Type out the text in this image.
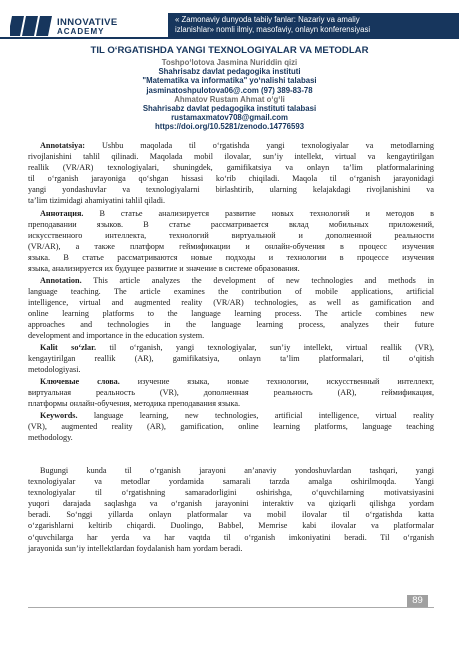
INNOVATIVE
ACADEMY
« Zamonaviy dunyoda tabiiy fanlar: Nazariy va amaliy
izlanishlar» nomli ilmiy, masofaviy, onlayn konferensiyasi
TIL O‘RGATISHDA YANGI TEXNOLOGIYALAR VA METODLAR
Toshpo‘lotova Jasmina Nuriddin qizi
Shahrisabz davlat pedagogika instituti
"Matematika va informatika" yo‘nalishi talabasi
jasminatoshpulotova06@.com (97) 389-83-78
Ahmatov Rustam Ahmat o‘g‘li
Shahrisabz davlat pedagogika instituti talabasi
rustamaxmatov708@gmail.com
https://doi.org/10.5281/zenodo.14776593
Annotatsiya: Ushbu maqolada til o‘rgatishda yangi texnologiyalar va metodlarning
rivojlanishini tahlil qilinadi. Maqolada mobil ilovalar, sun’iy intellekt, virtual va kengaytirilgan
reallik (VR/AR) texnologiyalari, shuningdek, gamifikatsiya va onlayn ta’lim platformalarining
til o‘rganish jarayoniga qo‘shgan hissasi ko‘rib chiqiladi. Maqola til o‘rganish jarayonidagi
yangi yondashuvlar va texnologiyalarni birlashtirib, ularning kelajakdagi rivojlanishini va
ta’lim tizimidagi ahamiyatini tahlil qiladi.
Аннотация. В статье анализируется развитие новых технологий и методов в
преподавании языков. В статье рассматривается вклад мобильных приложений,
искусственного интеллекта, технологий виртуальной и дополненной реальности
(VR/AR), а также платформ геймификации и онлайн-обучения в процесс изучения
языка. В статье рассматриваются новые подходы и технологии в процессе изучения
языка, анализируется их будущее развитие и значение в системе образования.
Annotation. This article analyzes the development of new technologies and methods in
language teaching. The article examines the contribution of mobile applications, artificial
intelligence, virtual and augmented reality (VR/AR) technologies, as well as gamification and
online learning platforms to the language learning process. The article combines new
approaches and technologies in the language learning process, analyzes their future
development and importance in the education system.
Kalit so‘zlar. til o‘rganish, yangi texnologiyalar, sun’iy intellekt, virtual reallik (VR),
kengaytirilgan reallik (AR), gamifikatsiya, onlayn ta’lim platformalari, til o‘qitish
metodologiyasi.
Ключевые слова. изучение языка, новые технологии, искусственный интеллект,
виртуальная реальность (VR), дополненная реальность (AR), геймификация,
платформы онлайн-обучения, методика преподавания языка.
Keywords. language learning, new technologies, artificial intelligence, virtual reality
(VR), augmented reality (AR), gamification, online learning platforms, language teaching
methodology.
Bugungi kunda til o‘rganish jarayoni an’anaviy yondoshuvlardan tashqari, yangi
texnologiyalar va metodlar yordamida samarali tarzda amalga oshirilmoqda. Yangi
texnologiyalar til o‘rgatishning samaradorligini oshirishga, o‘quvchilarning motivatsiyasini
yuqori darajada saqlashga va o‘rganish jarayonini interaktiv va qiziqarli qilishga yordam
beradi. So‘nggi yillarda onlayn platformalar va mobil ilovalar til o‘rgatishda katta
o‘zgarishlarni keltirib chiqardi. Duolingo, Babbel, Memrise kabi ilovalar va platformalar
o‘quvchilarga har yerda va har vaqtda til o‘rganish imkoniyatini beradi. Til o‘rganish
jarayonida sun’iy intellektlardan foydalanish ham yordam beradi.
89
